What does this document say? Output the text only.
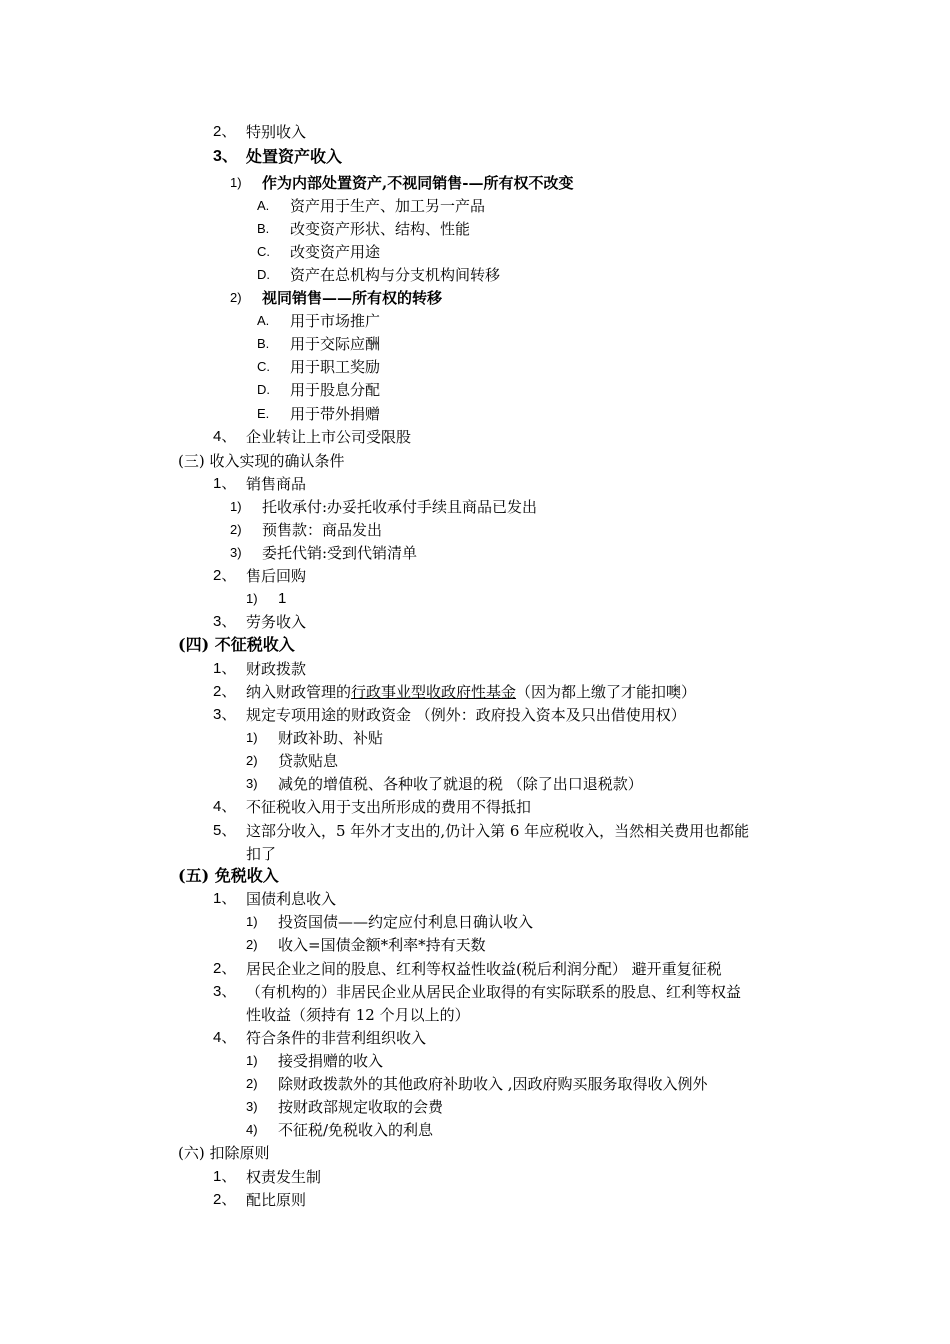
2、 特别收入
3、 处置资产收入
1) 作为内部处置资产,不视同销售-—所有权不改变
A. 资产用于生产、加工另一产品
B. 改变资产形状、结构、性能
C. 改变资产用途
D. 资产在总机构与分支机构间转移
2) 视同销售——所有权的转移
A. 用于市场推广
B. 用于交际应酬
C. 用于职工奖励
D. 用于股息分配
E. 用于带外捐赠
4、 企业转让上市公司受限股
(三) 收入实现的确认条件
1、 销售商品
1) 托收承付:办妥托收承付手续且商品已发出
2) 预售款：商品发出
3) 委托代销:受到代销清单
2、 售后回购
1) 1
3、 劳务收入
(四) 不征税收入
1、 财政拨款
2、 纳入财政管理的行政事业型收政府性基金（因为都上缴了才能扣噢）
3、 规定专项用途的财政资金 （例外：政府投入资本及只出借使用权）
1) 财政补助、补贴
2) 贷款贴息
3) 减免的增值税、各种收了就退的税 （除了出口退税款）
4、 不征税收入用于支出所形成的费用不得抵扣
5、 这部分收入，5 年外才支出的,仍计入第 6 年应税收入，当然相关费用也都能
扣了
(五) 免税收入
1、 国债利息收入
1) 投资国债——约定应付利息日确认收入
2) 收入=国债金额*利率*持有天数
2、 居民企业之间的股息、红利等权益性收益(税后利润分配） 避开重复征税
3、 （有机构的）非居民企业从居民企业取得的有实际联系的股息、红利等权益
性收益（须持有 12 个月以上的）
4、 符合条件的非营利组织收入
1) 接受捐赠的收入
2) 除财政拨款外的其他政府补助收入 ,因政府购买服务取得收入例外
3) 按财政部规定收取的会费
4) 不征税/免税收入的利息
(六) 扣除原则
1、 权责发生制
2、 配比原则
